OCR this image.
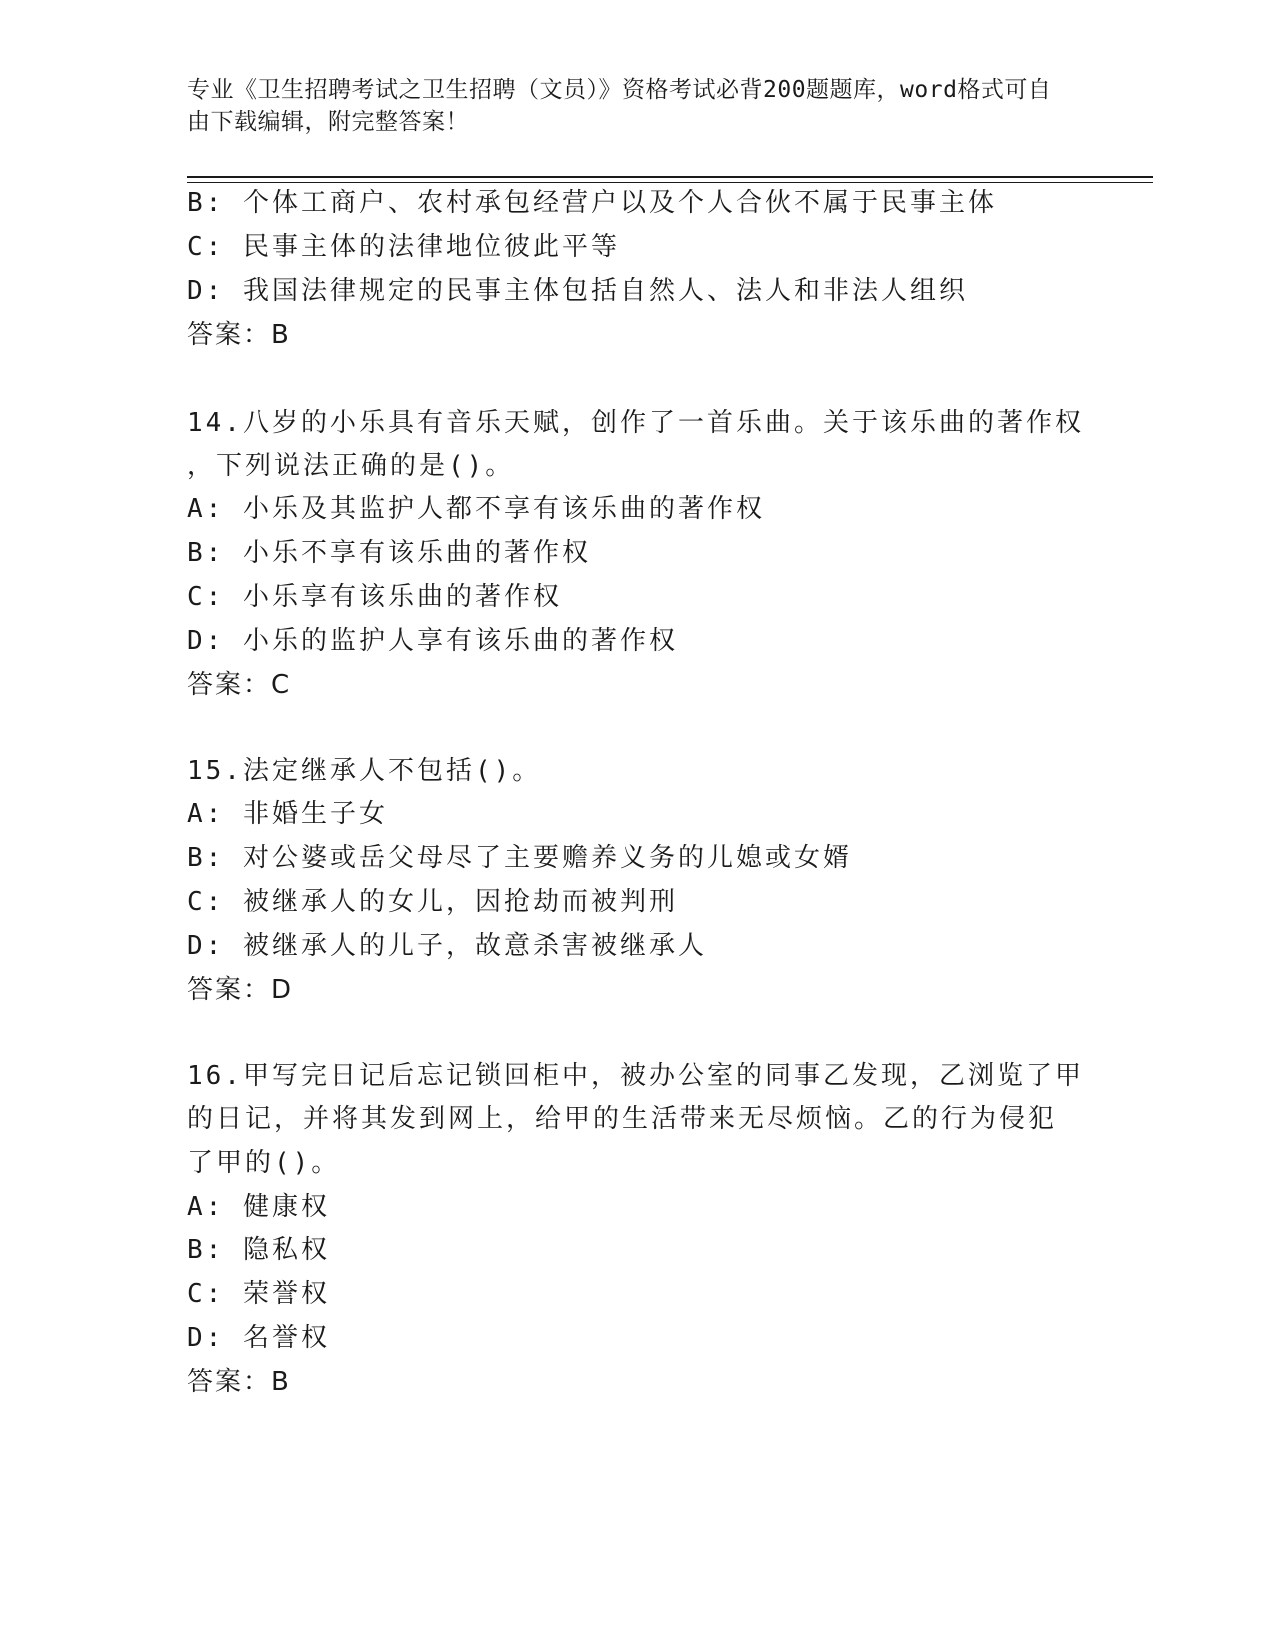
专业《卫生招聘考试之卫生招聘（文员）》资格考试必背200题题库，word格式可自由下载编辑，附完整答案！
B: 个体工商户、农村承包经营户以及个人合伙不属于民事主体
C: 民事主体的法律地位彼此平等
D: 我国法律规定的民事主体包括自然人、法人和非法人组织
答案：B
14.八岁的小乐具有音乐天赋，创作了一首乐曲。关于该乐曲的著作权
，下列说法正确的是()。
A: 小乐及其监护人都不享有该乐曲的著作权
B: 小乐不享有该乐曲的著作权
C: 小乐享有该乐曲的著作权
D: 小乐的监护人享有该乐曲的著作权
答案：C
15.法定继承人不包括()。
A: 非婚生子女
B: 对公婆或岳父母尽了主要赡养义务的儿媳或女婿
C: 被继承人的女儿，因抢劫而被判刑
D: 被继承人的儿子，故意杀害被继承人
答案：D
16.甲写完日记后忘记锁回柜中，被办公室的同事乙发现，乙浏览了甲
的日记，并将其发到网上，给甲的生活带来无尽烦恼。乙的行为侵犯
了甲的()。
A: 健康权
B: 隐私权
C: 荣誉权
D: 名誉权
答案：B
